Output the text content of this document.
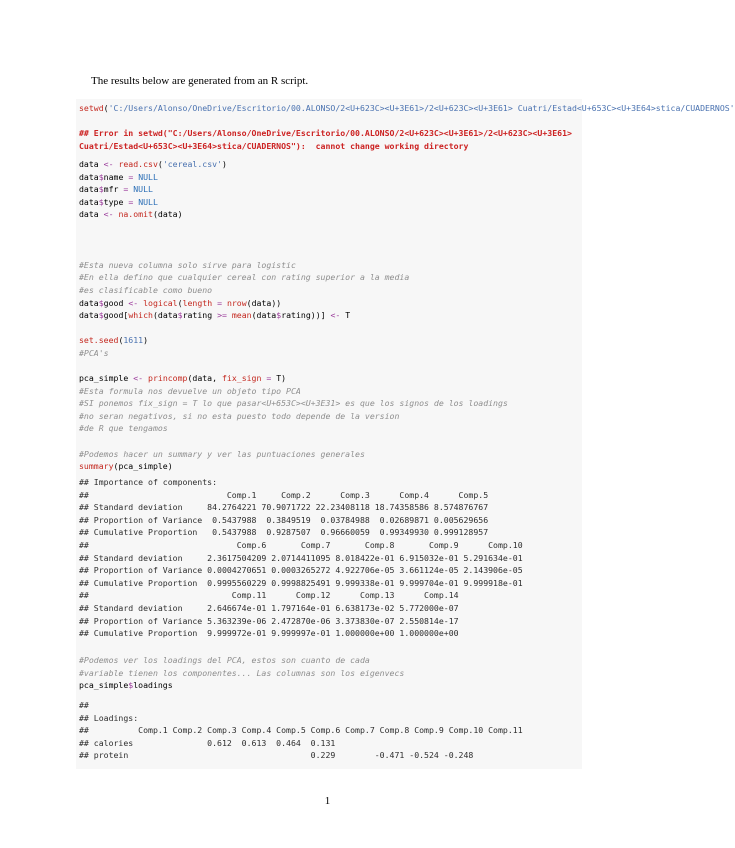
The results below are generated from an R script.

setwd('C:/Users/Alonso/OneDrive/Escritorio/00.ALONSO/2<U+623C><U+3E61>/2<U+623C><U+3E61> Cuatri/Estad<U+653C><U+3E64>stica/CUADERNOS'
## Error in setwd("C:/Users/Alonso/OneDrive/Escritorio/00.ALONSO/2<U+623C><U+3E61>/2<U+623C><U+3E61>
Cuatri/Estad<U+653C><U+3E64>stica/CUADERNOS"):  cannot change working directory
data <- read.csv('cereal.csv')
data$name = NULL
data$mfr = NULL
data$type = NULL
data <- na.omit(data)

#Esta nueva columna solo sirve para logistic
#En ella defino que cualquier cereal con rating superior a la media
#es clasificable como bueno
data$good <- logical(length = nrow(data))
data$good[which(data$rating >= mean(data$rating))] <- T

set.seed(1611)
#PCA's

pca_simple <- princomp(data, fix_sign = T)
#Esta formula nos devuelve un objeto tipo PCA
#SI ponemos fix_sign = T lo que pasar<U+653C><U+3E31> es que los signos de los loadings
#no seran negativos, si no esta puesto todo depende de la version
#de R que tengamos

#Podemos hacer un summary y ver las puntuaciones generales
summary(pca_simple)
## Importance of components:
##                            Comp.1     Comp.2      Comp.3      Comp.4      Comp.5
## Standard deviation     84.2764221 70.9071722 22.23408118 18.74358586 8.574876767
## Proportion of Variance  0.5437988  0.3849519  0.03784988  0.02689871 0.005629656
## Cumulative Proportion   0.5437988  0.9287507  0.96660059  0.99349930 0.999128957
##                              Comp.6       Comp.7       Comp.8       Comp.9      Comp.10
## Standard deviation     2.3617504209 2.0714411095 8.018422e-01 6.915032e-01 5.291634e-01
## Proportion of Variance 0.0004270651 0.0003265272 4.922706e-05 3.661124e-05 2.143906e-05
## Cumulative Proportion  0.9995560229 0.9998825491 9.999338e-01 9.999704e-01 9.999918e-01
##                             Comp.11      Comp.12      Comp.13      Comp.14
## Standard deviation     2.646674e-01 1.797164e-01 6.638173e-02 5.772000e-07
## Proportion of Variance 5.363239e-06 2.472870e-06 3.373830e-07 2.550814e-17
## Cumulative Proportion  9.999972e-01 9.999997e-01 1.000000e+00 1.000000e+00
#Podemos ver los loadings del PCA, estos son cuanto de cada
#variable tienen los componentes... Las columnas son los eigenvecs
pca_simple$loadings
##
## Loadings:
##          Comp.1 Comp.2 Comp.3 Comp.4 Comp.5 Comp.6 Comp.7 Comp.8 Comp.9 Comp.10 Comp.11
## calories               0.612  0.613  0.464  0.131
## protein                                     0.229        -0.471 -0.524 -0.248
1
